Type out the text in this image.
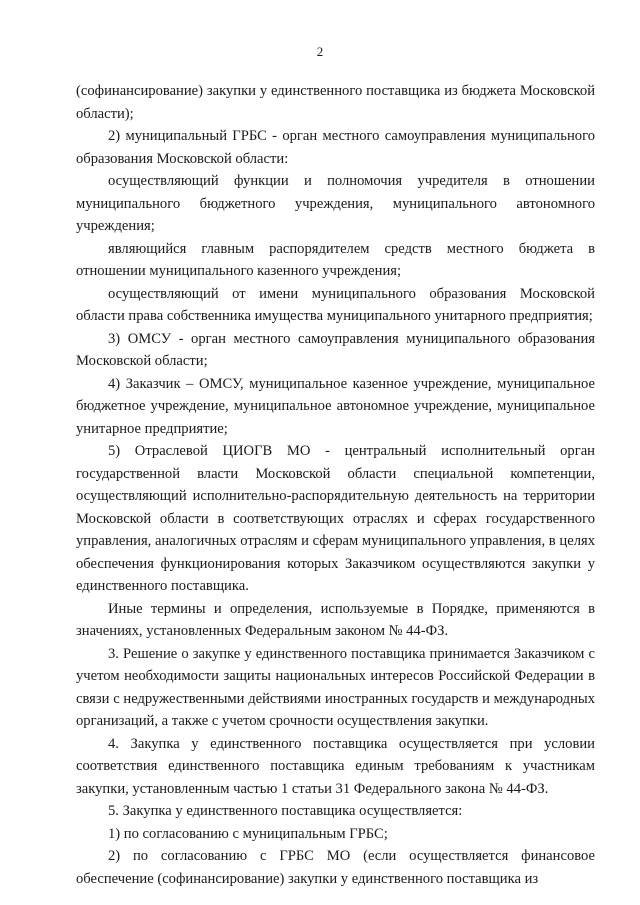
2

(софинансирование) закупки у единственного поставщика из бюджета Московской области);

2) муниципальный ГРБС - орган местного самоуправления муниципального образования Московской области:

осуществляющий функции и полномочия учредителя в отношении муниципального бюджетного учреждения, муниципального автономного учреждения;

являющийся главным распорядителем средств местного бюджета в отношении муниципального казенного учреждения;

осуществляющий от имени муниципального образования Московской области права собственника имущества муниципального унитарного предприятия;

3) ОМСУ - орган местного самоуправления муниципального образования Московской области;

4) Заказчик – ОМСУ, муниципальное казенное учреждение, муниципальное бюджетное учреждение, муниципальное автономное учреждение, муниципальное унитарное предприятие;

5) Отраслевой ЦИОГВ МО - центральный исполнительный орган государственной власти Московской области специальной компетенции, осуществляющий исполнительно-распорядительную деятельность на территории Московской области в соответствующих отраслях и сферах государственного управления, аналогичных отраслям и сферам муниципального управления, в целях обеспечения функционирования которых Заказчиком осуществляются закупки у единственного поставщика.

Иные термины и определения, используемые в Порядке, применяются в значениях, установленных Федеральным законом № 44-ФЗ.

3. Решение о закупке у единственного поставщика принимается Заказчиком с учетом необходимости защиты национальных интересов Российской Федерации в связи с недружественными действиями иностранных государств и международных организаций, а также с учетом срочности осуществления закупки.

4. Закупка у единственного поставщика осуществляется при условии соответствия единственного поставщика единым требованиям к участникам закупки, установленным частью 1 статьи 31 Федерального закона № 44-ФЗ.

5. Закупка у единственного поставщика осуществляется:

1) по согласованию с муниципальным ГРБС;

2) по согласованию с ГРБС МО (если осуществляется финансовое обеспечение (софинансирование) закупки у единственного поставщика из
